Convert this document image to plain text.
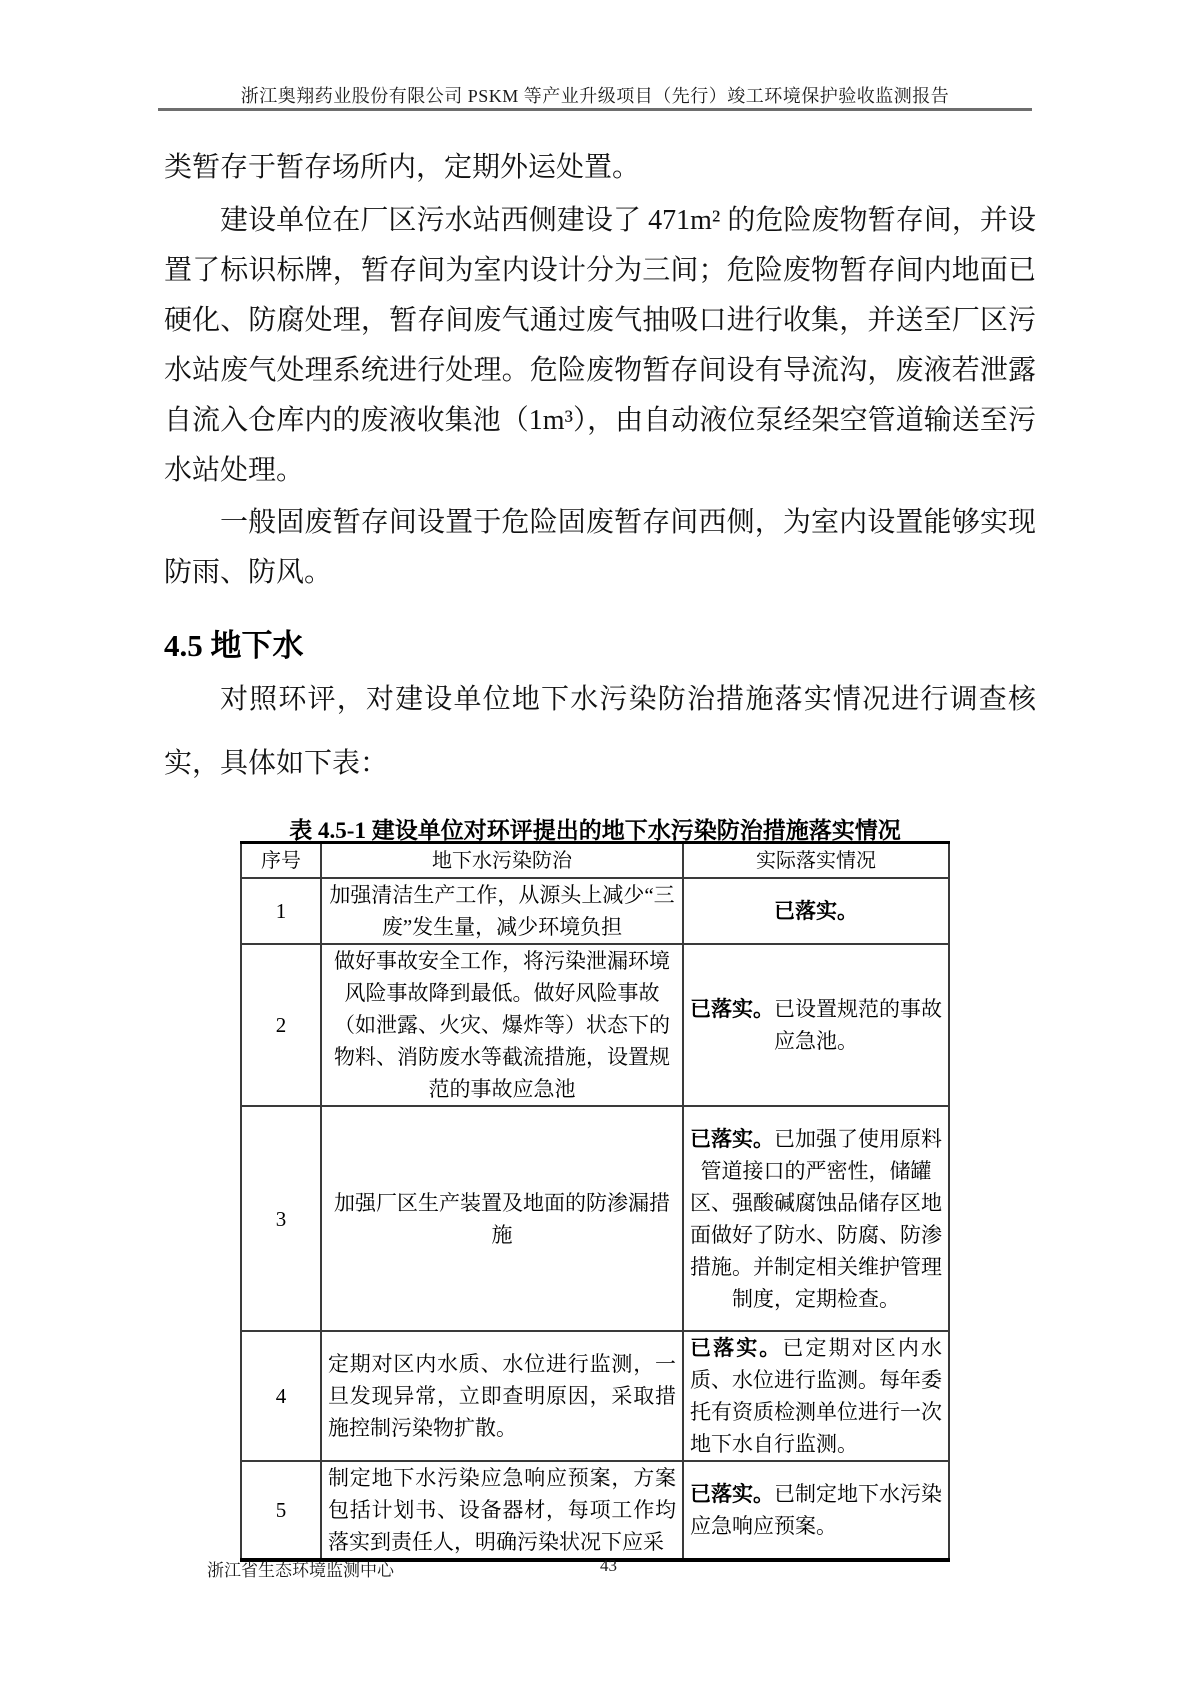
浙江奥翔药业股份有限公司 PSKM 等产业升级项目（先行）竣工环境保护验收监测报告
类暂存于暂存场所内，定期外运处置。
建设单位在厂区污水站西侧建设了 471m² 的危险废物暂存间，并设置了标识标牌，暂存间为室内设计分为三间；危险废物暂存间内地面已硬化、防腐处理，暂存间废气通过废气抽吸口进行收集，并送至厂区污水站废气处理系统进行处理。危险废物暂存间设有导流沟，废液若泄露自流入仓库内的废液收集池（1m³），由自动液位泵经架空管道输送至污水站处理。
一般固废暂存间设置于危险固废暂存间西侧，为室内设置能够实现防雨、防风。
4.5 地下水
对照环评，对建设单位地下水污染防治措施落实情况进行调查核实，具体如下表：
表 4.5-1 建设单位对环评提出的地下水污染防治措施落实情况
序号	地下水污染防治	实际落实情况
1	加强清洁生产工作，从源头上减少“三废”发生量，减少环境负担	已落实。
2	做好事故安全工作，将污染泄漏环境风险事故降到最低。做好风险事故（如泄露、火灾、爆炸等）状态下的物料、消防废水等截流措施，设置规范的事故应急池	已落实。已设置规范的事故应急池。
3	加强厂区生产装置及地面的防渗漏措施	已落实。已加强了使用原料管道接口的严密性，储罐区、强酸碱腐蚀品储存区地面做好了防水、防腐、防渗措施。并制定相关维护管理制度，定期检查。
4	定期对区内水质、水位进行监测，一旦发现异常，立即查明原因，采取措施控制污染物扩散。	已落实。已定期对区内水质、水位进行监测。每年委托有资质检测单位进行一次地下水自行监测。
5	制定地下水污染应急响应预案，方案包括计划书、设备器材，每项工作均落实到责任人，明确污染状况下应采	已落实。已制定地下水污染应急响应预案。
浙江省生态环境监测中心	43
